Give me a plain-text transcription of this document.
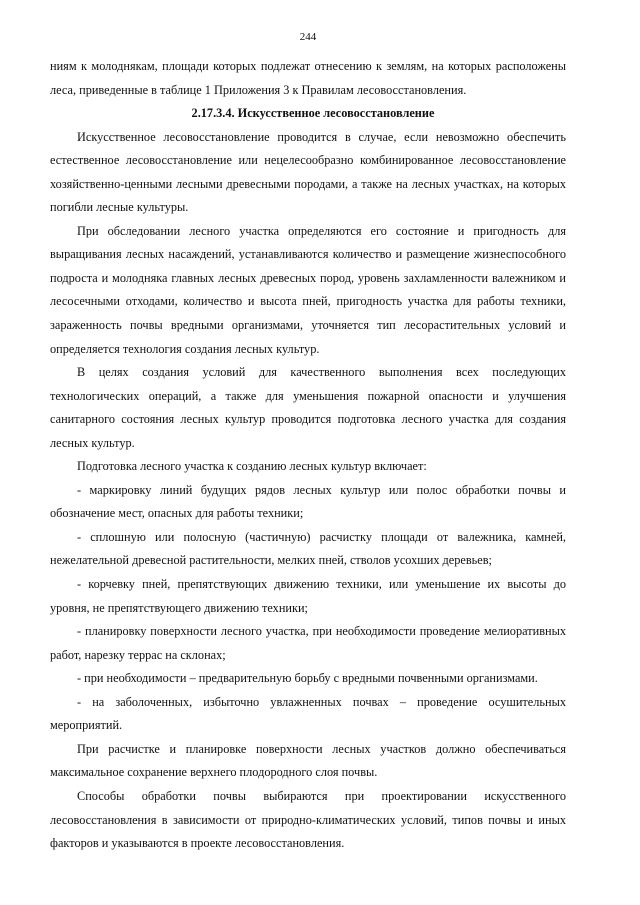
244

ниям к молоднякам, площади которых подлежат отнесению к землям, на которых расположены леса, приведенные в таблице 1 Приложения 3 к Правилам лесовосстановления.

2.17.3.4. Искусственное лесовосстановление

Искусственное лесовосстановление проводится в случае, если невозможно обеспечить естественное лесовосстановление или нецелесообразно комбинированное лесовосстановление хозяйственно-ценными лесными древесными породами, а также на лесных участках, на которых погибли лесные культуры.

При обследовании лесного участка определяются его состояние и пригодность для выращивания лесных насаждений, устанавливаются количество и размещение жизнеспособного подроста и молодняка главных лесных древесных пород, уровень захламленности валежником и лесосечными отходами, количество и высота пней, пригодность участка для работы техники, зараженность почвы вредными организмами, уточняется тип лесорастительных условий и определяется технология создания лесных культур.

В целях создания условий для качественного выполнения всех последующих технологических операций, а также для уменьшения пожарной опасности и улучшения санитарного состояния лесных культур проводится подготовка лесного участка для создания лесных культур.

Подготовка лесного участка к созданию лесных культур включает:

- маркировку линий будущих рядов лесных культур или полос обработки почвы и обозначение мест, опасных для работы техники;

- сплошную или полосную (частичную) расчистку площади от валежника, камней, нежелательной древесной растительности, мелких пней, стволов усохших деревьев;

- корчевку пней, препятствующих движению техники, или уменьшение их высоты до уровня, не препятствующего движению техники;

- планировку поверхности лесного участка, при необходимости проведение мелиоративных работ, нарезку террас на склонах;

- при необходимости – предварительную борьбу с вредными почвенными организмами.

- на заболоченных, избыточно увлажненных почвах – проведение осушительных мероприятий.

При расчистке и планировке поверхности лесных участков должно обеспечиваться максимальное сохранение верхнего плодородного слоя почвы.

Способы обработки почвы выбираются при проектировании искусственного лесовосстановления в зависимости от природно-климатических условий, типов почвы и иных факторов и указываются в проекте лесовосстановления.
